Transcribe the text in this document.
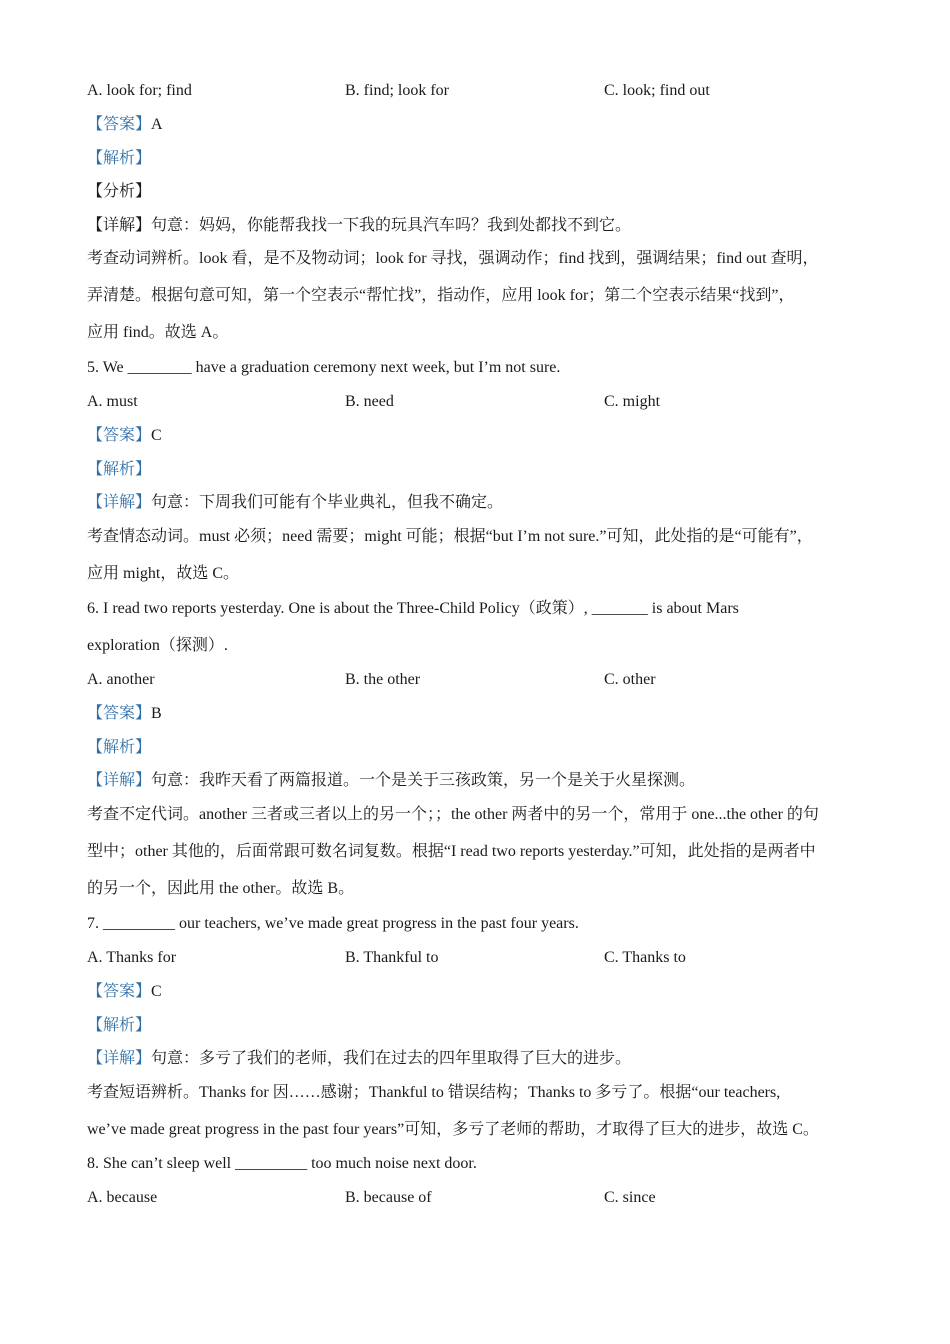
A. look for; find	B. find; look for	C. look; find out
【答案】A
【解析】
【分析】
【详解】句意：妈妈，你能帮我找一下我的玩具汽车吗？我到处都找不到它。
考查动词辨析。look 看，是不及物动词；look for 寻找，强调动作；find 找到，强调结果；find out 查明，
弄清楚。根据句意可知，第一个空表示“帮忙找”，指动作，应用 look for；第二个空表示结果“找到”，
应用 find。故选 A。
5. We ________ have a graduation ceremony next week, but I’m not sure.
A. must	B. need	C. might
【答案】C
【解析】
【详解】句意：下周我们可能有个毕业典礼，但我不确定。
考查情态动词。must 必须；need 需要；might 可能；根据“but I’m not sure.”可知，此处指的是“可能有”，
应用 might，故选 C。
6. I read two reports yesterday. One is about the Three-Child Policy（政策）, _______ is about Mars
exploration（探测）.
A. another	B. the other	C. other
【答案】B
【解析】
【详解】句意：我昨天看了两篇报道。一个是关于三孩政策，另一个是关于火星探测。
考查不定代词。another 三者或三者以上的另一个；；the other 两者中的另一个，常用于 one...the other 的句
型中；other 其他的，后面常跟可数名词复数。根据“I read two reports yesterday.”可知，此处指的是两者中
的另一个，因此用 the other。故选 B。
7. _________ our teachers, we’ve made great progress in the past four years.
A. Thanks for	B. Thankful to	C. Thanks to
【答案】C
【解析】
【详解】句意：多亏了我们的老师，我们在过去的四年里取得了巨大的进步。
考查短语辨析。Thanks for 因……感谢；Thankful to 错误结构；Thanks to 多亏了。根据“our teachers,
we’ve made great progress in the past four years”可知，多亏了老师的帮助，才取得了巨大的进步，故选 C。
8. She can’t sleep well _________ too much noise next door.
A. because	B. because of	C. since
